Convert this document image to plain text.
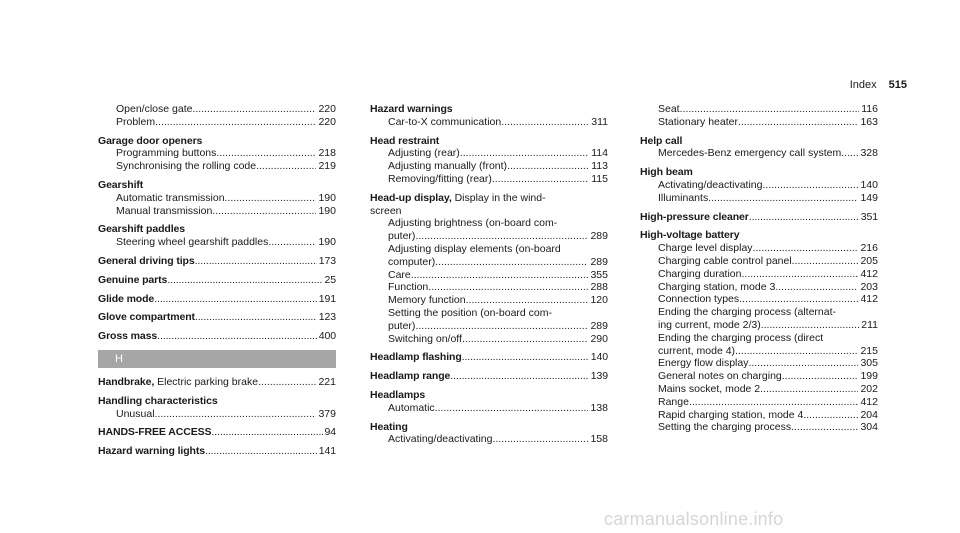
Index 515
Open/close gate .....	220
Problem .....	220
Garage door openers
Programming buttons .....	218
Synchronising the rolling code .....	219
Gearshift
Automatic transmission .....	190
Manual transmission .....	190
Gearshift paddles
Steering wheel gearshift paddles .....	190
General driving tips .....	173
Genuine parts .....	25
Glide mode .....	191
Glove compartment .....	123
Gross mass .....	400
H
Handbrake, Electric parking brake .....	221
Handling characteristics
Unusual .....	379
HANDS-FREE ACCESS .....	94
Hazard warning lights .....	141
Hazard warnings
Car-to-X communication .....	311
Head restraint
Adjusting (rear) .....	114
Adjusting manually (front) .....	113
Removing/fitting (rear) .....	115
Head-up display, Display in the wind-
screen
Adjusting brightness (on-board com-
puter) .....	289
Adjusting display elements (on-board
computer) .....	289
Care .....	355
Function .....	288
Memory function .....	120
Setting the position (on-board com-
puter) .....	289
Switching on/off .....	290
Headlamp flashing .....	140
Headlamp range .....	139
Headlamps
Automatic .....	138
Heating
Activating/deactivating .....	158
Seat .....	116
Stationary heater .....	163
Help call
Mercedes-Benz emergency call system ..... 328
High beam
Activating/deactivating .....	140
Illuminants .....	149
High-pressure cleaner .....	351
High-voltage battery
Charge level display .....	216
Charging cable control panel .....	205
Charging duration .....	412
Charging station, mode 3 .....	203
Connection types .....	412
Ending the charging process (alternat-
ing current, mode 2/3) .....	211
Ending the charging process (direct
current, mode 4) .....	215
Energy flow display .....	305
General notes on charging .....	199
Mains socket, mode 2 .....	202
Range .....	412
Rapid charging station, mode 4 .....	204
Setting the charging process .....	304
carmanualsonline.info
